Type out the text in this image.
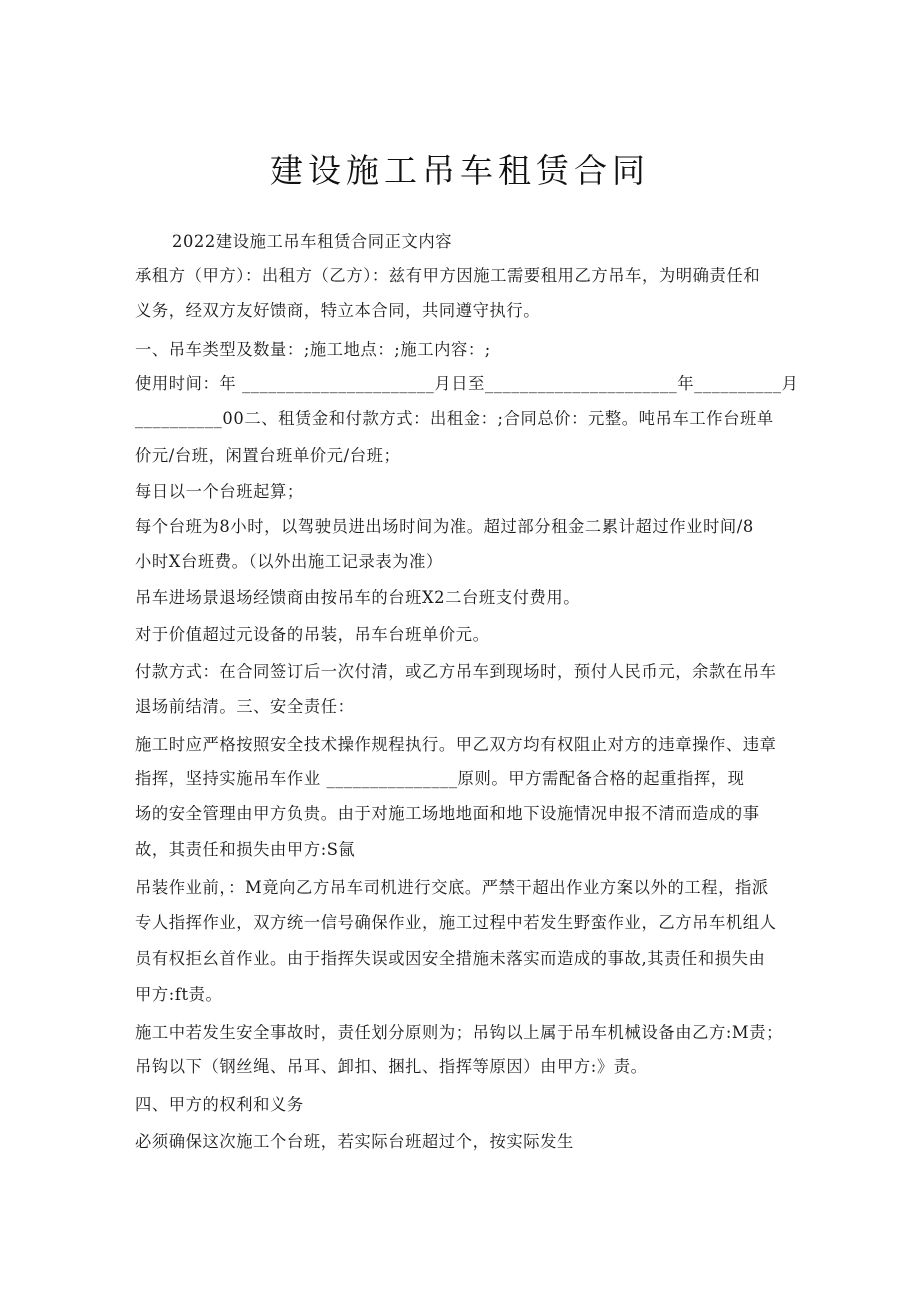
建设施工吊车租赁合同
2022建设施工吊车租赁合同正文内容
承租方（甲方）：出租方（乙方）：兹有甲方因施工需要租用乙方吊车，为明确责任和
义务，经双方友好馈商，特立本合同，共同遵守执行。
一、吊车类型及数量：;施工地点：;施工内容：;
使用时间：年 ______________________月日至______________________年__________月
__________00二、租赁金和付款方式：出租金：;合同总价：元整。吨吊车工作台班单
价元/台班，闲置台班单价元/台班；
每日以一个台班起算；
每个台班为8小时，以驾驶员进出场时间为准。超过部分租金二累计超过作业时间/8
小时X台班费。（以外出施工记录表为准）
吊车进场景退场经馈商由按吊车的台班X2二台班支付费用。
对于价值超过元设备的吊装，吊车台班单价元。
付款方式：在合同签订后一次付清，或乙方吊车到现场时，预付人民币元，余款在吊车
退场前结清。三、安全责任：
施工时应严格按照安全技术操作规程执行。甲乙双方均有权阻止对方的违章操作、违章
指挥，坚持实施吊车作业 _______________原则。甲方需配备合格的起重指挥，现
场的安全管理由甲方负贵。由于对施工场地地面和地下设施情况申报不清而造成的事
故，其责任和损失由甲方:S氤
吊装作业前，：M竟向乙方吊车司机进行交底。严禁干超出作业方案以外的工程，指派
专人指挥作业，双方统一信号确保作业，施工过程中若发生野蛮作业，乙方吊车机组人
员有权拒幺首作业。由于指挥失误或因安全措施未落实而造成的事故,其责任和损失由
甲方:ft责。
施工中若发生安全事故时，责任划分原则为；吊钩以上属于吊车机械设备由乙方:M责；
吊钩以下（钢丝绳、吊耳、卸扣、捆扎、指挥等原因）由甲方:》责。
四、甲方的权利和义务
必须确保这次施工个台班，若实际台班超过个，按实际发生
